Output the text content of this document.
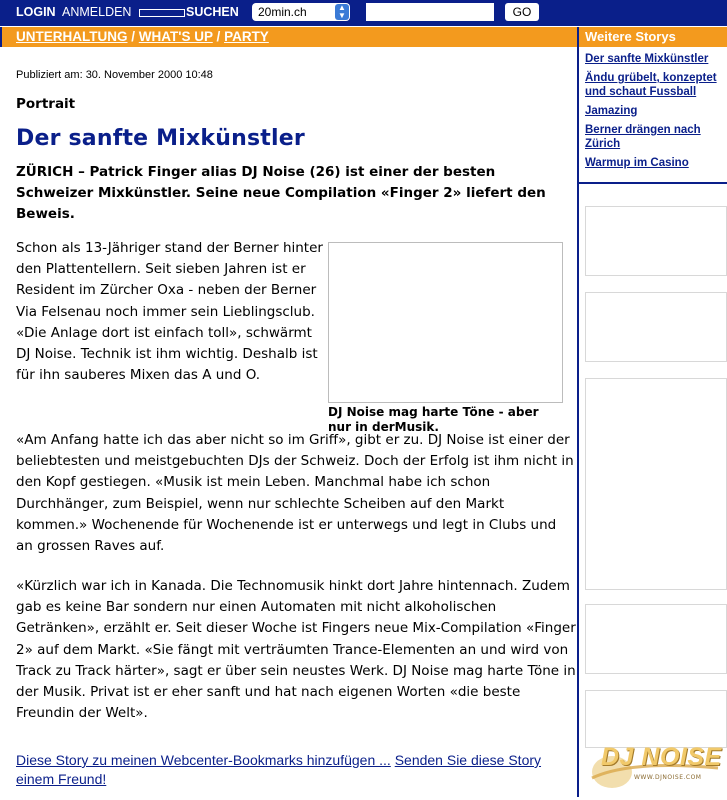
LOGIN ANMELDEN	SUCHEN 20min.ch	▲
▼	GO
UNTERHALTUNG / WHAT'S UP / PARTY	Weitere Storys
Der sanfte Mixkünstler
Ändu grübelt, konzeptet und schaut Fussball
Jamazing
Berner drängen nach Zürich
Warmup im Casino
Publiziert am: 30. November 2000 10:48
Portrait
Der sanfte Mixkünstler
ZÜRICH – Patrick Finger alias DJ Noise (26) ist einer der besten Schweizer Mixkünstler. Seine neue Compilation «Finger 2» liefert den Beweis.
Schon als 13-Jähriger stand der Berner hinter den Plattentellern. Seit sieben Jahren ist er Resident im Zürcher Oxa - neben der Berner Via Felsenau noch immer sein Lieblingsclub. «Die Anlage dort ist einfach toll», schwärmt DJ Noise. Technik ist ihm wichtig. Deshalb ist für ihn sauberes Mixen das A und O.
DJ Noise mag harte Töne - aber nur in derMusik.
«Am Anfang hatte ich das aber nicht so im Griff», gibt er zu. DJ Noise ist einer der beliebtesten und meistgebuchten DJs der Schweiz. Doch der Erfolg ist ihm nicht in den Kopf gestiegen. «Musik ist mein Leben. Manchmal habe ich schon Durchhänger, zum Beispiel, wenn nur schlechte Scheiben auf den Markt kommen.» Wochenende für Wochenende ist er unterwegs und legt in Clubs und an grossen Raves auf.
«Kürzlich war ich in Kanada. Die Technomusik hinkt dort Jahre hintennach. Zudem gab es keine Bar sondern nur einen Automaten mit nicht alkoholischen Getränken», erzählt er. Seit dieser Woche ist Fingers neue Mix-Compilation «Finger 2» auf dem Markt. «Sie fängt mit verträumten Trance-Elementen an und wird von Track zu Track härter», sagt er über sein neustes Werk. DJ Noise mag harte Töne in der Musik. Privat ist er eher sanft und hat nach eigenen Worten «die beste Freundin der Welt».
Diese Story zu meinen Webcenter-Bookmarks hinzufügen ... Senden Sie diese Story einem Freund!
DJ NOISE
WWW.DJNOISE.COM
